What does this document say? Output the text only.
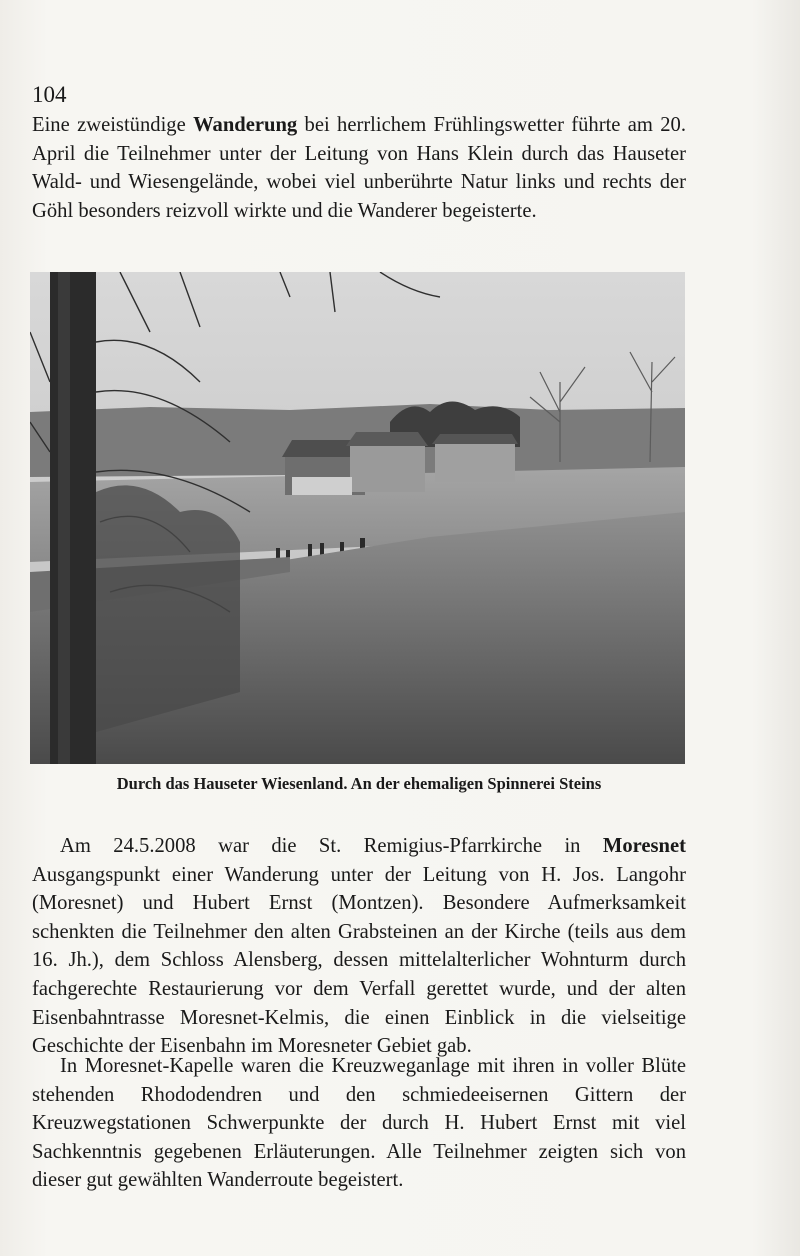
104

Eine zweistündige Wanderung bei herrlichem Frühlingswetter führte am 20. April die Teilnehmer unter der Leitung von Hans Klein durch das Hauseter Wald- und Wiesengelände, wobei viel unberührte Natur links und rechts der Göhl besonders reizvoll wirkte und die Wanderer begeisterte.

Durch das Hauseter Wiesenland. An der ehemaligen Spinnerei Steins

Am 24.5.2008 war die St. Remigius-Pfarrkirche in Moresnet Ausgangspunkt einer Wanderung unter der Leitung von H. Jos. Langohr (Moresnet) und Hubert Ernst (Montzen). Besondere Aufmerksamkeit schenkten die Teilnehmer den alten Grabsteinen an der Kirche (teils aus dem 16. Jh.), dem Schloss Alensberg, dessen mittelalterlicher Wohnturm durch fachgerechte Restaurierung vor dem Verfall gerettet wurde, und der alten Eisenbahntrasse Moresnet-Kelmis, die einen Einblick in die vielseitige Geschichte der Eisenbahn im Moresneter Gebiet gab.

In Moresnet-Kapelle waren die Kreuzweganlage mit ihren in voller Blüte stehenden Rhododendren und den schmiedeeisernen Gittern der Kreuzwegstationen Schwerpunkte der durch H. Hubert Ernst mit viel Sachkenntnis gegebenen Erläuterungen. Alle Teilnehmer zeigten sich von dieser gut gewählten Wanderroute begeistert.
